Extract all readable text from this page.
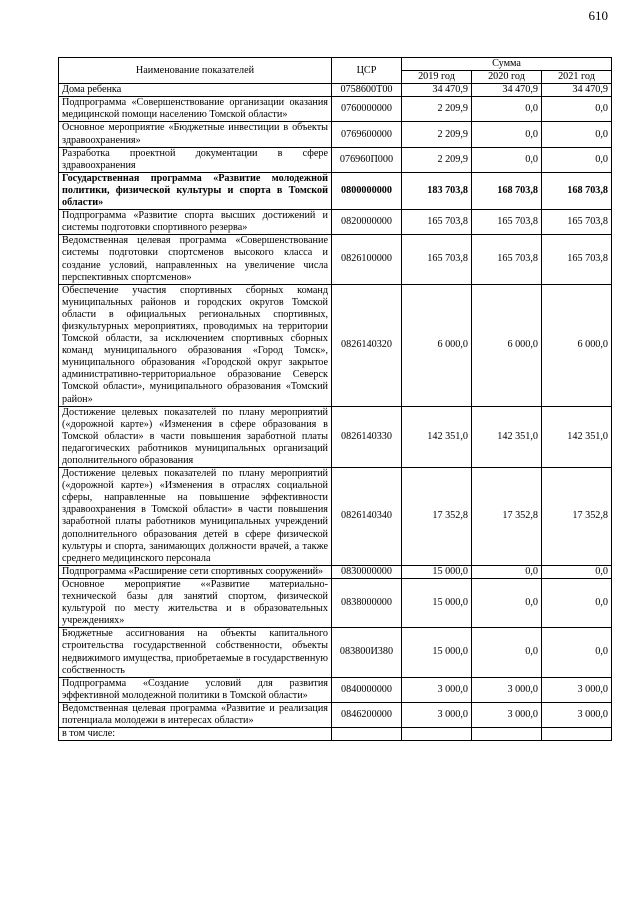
610
Наименование показателей	ЦСР	Сумма		
		2019 год	2020 год	2021 год
Дома ребенка	0758600Т00	34 470,9	34 470,9	34 470,9
Подпрограмма «Совершенствование организации оказания медицинской помощи населению Томской области»	0760000000	2 209,9	0,0	0,0
Основное мероприятие «Бюджетные инвестиции в объекты здравоохранения»	0769600000	2 209,9	0,0	0,0
Разработка проектной документации в сфере здравоохранения	076960П000	2 209,9	0,0	0,0
Государственная программа «Развитие молодежной политики, физической культуры и спорта в Томской области»	0800000000	183 703,8	168 703,8	168 703,8
Подпрограмма «Развитие спорта высших достижений и системы подготовки спортивного резерва»	0820000000	165 703,8	165 703,8	165 703,8
Ведомственная целевая программа «Совершенствование системы подготовки спортсменов высокого класса и создание условий, направленных на увеличение числа перспективных спортсменов»	0826100000	165 703,8	165 703,8	165 703,8
Обеспечение участия спортивных сборных команд муниципальных районов и городских округов Томской области в официальных региональных спортивных, физкультурных мероприятиях, проводимых на территории Томской области, за исключением спортивных сборных команд муниципального образования «Город Томск», муниципального образования «Городской округ закрытое административно-территориальное образование Северск Томской области», муниципального образования «Томский район»	0826140320	6 000,0	6 000,0	6 000,0
Достижение целевых показателей по плану мероприятий («дорожной карте») «Изменения в сфере образования в Томской области» в части повышения заработной платы педагогических работников муниципальных организаций дополнительного образования	0826140330	142 351,0	142 351,0	142 351,0
Достижение целевых показателей по плану мероприятий («дорожной карте») «Изменения в отраслях социальной сферы, направленные на повышение эффективности здравоохранения в Томской области» в части повышения заработной платы работников муниципальных учреждений дополнительного образования детей в сфере физической культуры и спорта, занимающих должности врачей, а также среднего медицинского персонала	0826140340	17 352,8	17 352,8	17 352,8
Подпрограмма «Расширение сети спортивных сооружений»	0830000000	15 000,0	0,0	0,0
Основное мероприятие ««Развитие материально-технической базы для занятий спортом, физической культурой по месту жительства и в образовательных учреждениях»	0838000000	15 000,0	0,0	0,0
Бюджетные ассигнования на объекты капитального строительства государственной собственности, объекты недвижимого имущества, приобретаемые в государственную собственность	083800И380	15 000,0	0,0	0,0
Подпрограмма «Создание условий для развития эффективной молодежной политики в Томской области»	0840000000	3 000,0	3 000,0	3 000,0
Ведомственная целевая программа «Развитие и реализация потенциала молодежи в интересах области»	0846200000	3 000,0	3 000,0	3 000,0
в том числе:				
